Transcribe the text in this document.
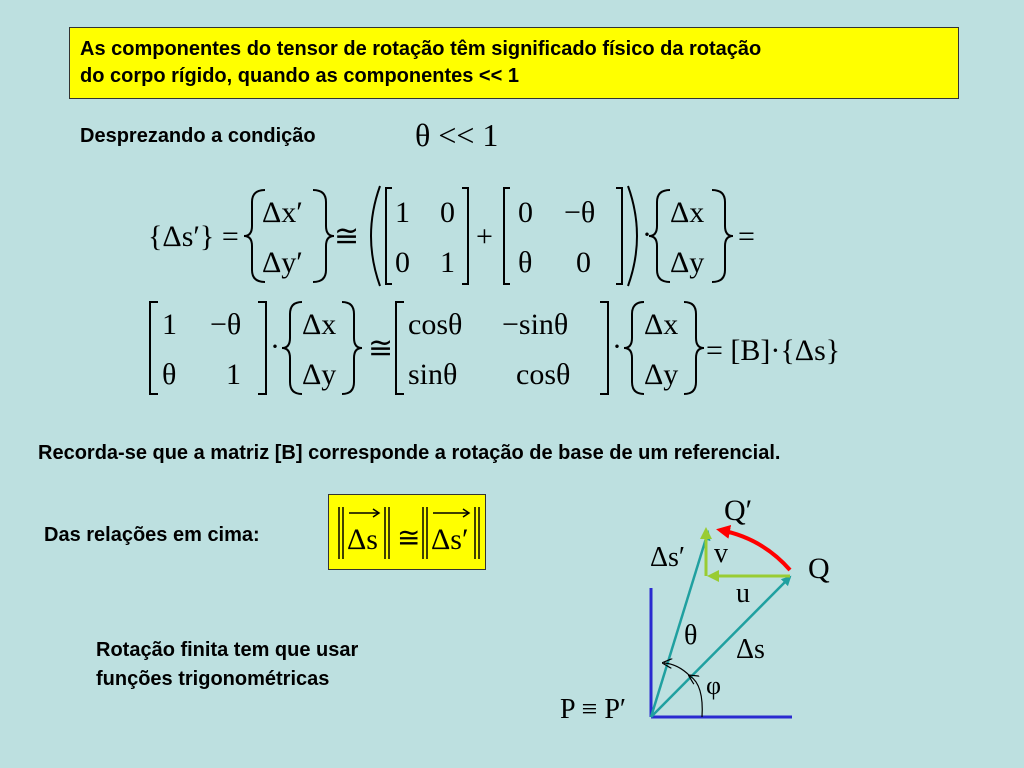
As componentes do tensor de rotação têm significado físico da rotação
do corpo rígido, quando as componentes << 1
Desprezando a condição	θ << 1
{Δs′} =
Δx′
Δy′
≅
1 0
0 1
+
0 −θ
θ 0
·
Δx
Δy
=
1 −θ
θ 1
·
Δx
Δy
≅
cosθ −sinθ
sinθ cosθ
·
Δx
Δy
= [B]·{Δs}
Recorda-se que a matriz [B] corresponde a rotação de base de um referencial.
Das relações em cima:	Δs ≅ Δs′
Rotação finita tem que usar
funções trigonométricas
Q′
Q
Δs′ v
u
θ Δs
φ
P ≡ P′
